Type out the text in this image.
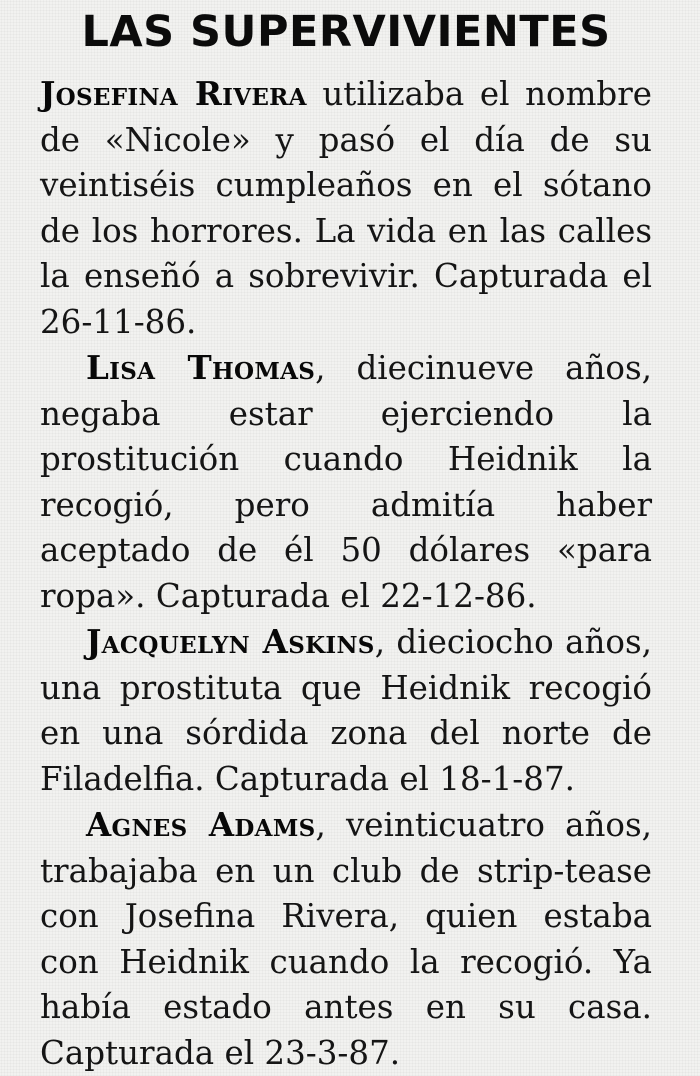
LAS SUPERVIVIENTES

Josefina Rivera utilizaba el nombre de «Nicole» y pasó el día de su veintiséis cumpleaños en el sótano de los horrores. La vida en las calles la enseñó a sobrevivir. Capturada el 26-11-86.

Lisa Thomas, diecinueve años, negaba estar ejerciendo la prostitución cuando Heidnik la recogió, pero admitía haber aceptado de él 50 dólares «para ropa». Capturada el 22-12-86.

Jacquelyn Askins, dieciocho años, una prostituta que Heidnik recogió en una sórdida zona del norte de Filadelfia. Capturada el 18-1-87.

Agnes Adams, veinticuatro años, trabajaba en un club de strip-tease con Josefina Rivera, quien estaba con Heidnik cuando la recogió. Ya había estado antes en su casa. Capturada el 23-3-87.
